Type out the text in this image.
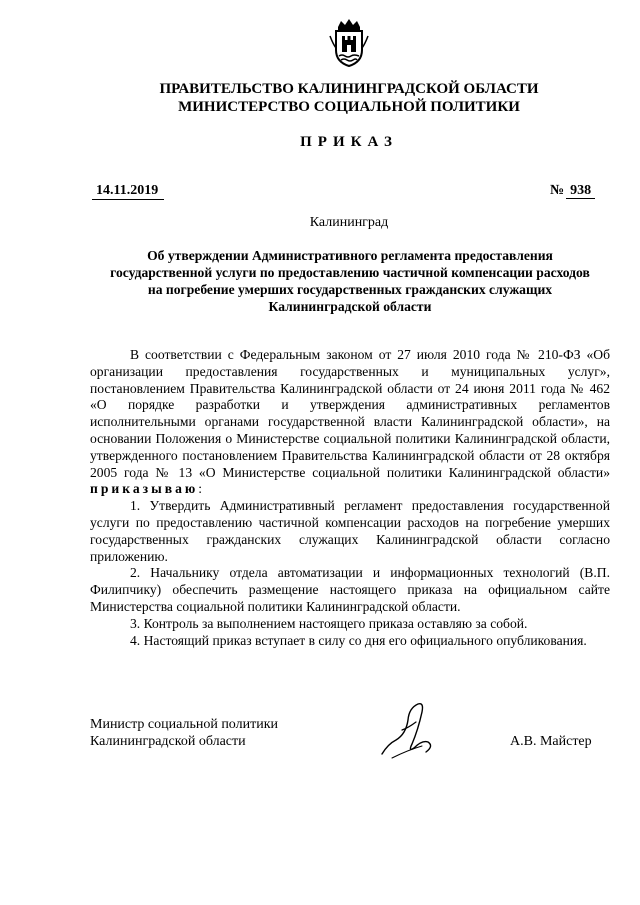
ПРАВИТЕЛЬСТВО КАЛИНИНГРАДСКОЙ ОБЛАСТИ
МИНИСТЕРСТВО СОЦИАЛЬНОЙ ПОЛИТИКИ
ПРИКАЗ
14.11.2019	№ 938
Калининград
Об утверждении Административного регламента предоставления
государственной услуги по предоставлению частичной компенсации расходов
на погребение умерших государственных гражданских служащих
Калининградской области

В соответствии с Федеральным законом от 27 июля 2010 года № 210-ФЗ «Об организации предоставления государственных и муниципальных услуг», постановлением Правительства Калининградской области от 24 июня 2011 года № 462 «О порядке разработки и утверждения административных регламентов исполнительными органами государственной власти Калининградской области», на основании Положения о Министерстве социальной политики Калининградской области, утвержденного постановлением Правительства Калининградской области от 28 октября 2005 года № 13 «О Министерстве социальной политики Калининградской области» приказываю:

1. Утвердить Административный регламент предоставления государственной услуги по предоставлению частичной компенсации расходов на погребение умерших государственных гражданских служащих Калининградской области согласно приложению.

2. Начальнику отдела автоматизации и информационных технологий (В.П. Филипчику) обеспечить размещение настоящего приказа на официальном сайте Министерства социальной политики Калининградской области.

3. Контроль за выполнением настоящего приказа оставляю за собой.

4. Настоящий приказ вступает в силу со дня его официального опубликования.

Министр социальной политики
Калининградской области	А.В. Майстер
